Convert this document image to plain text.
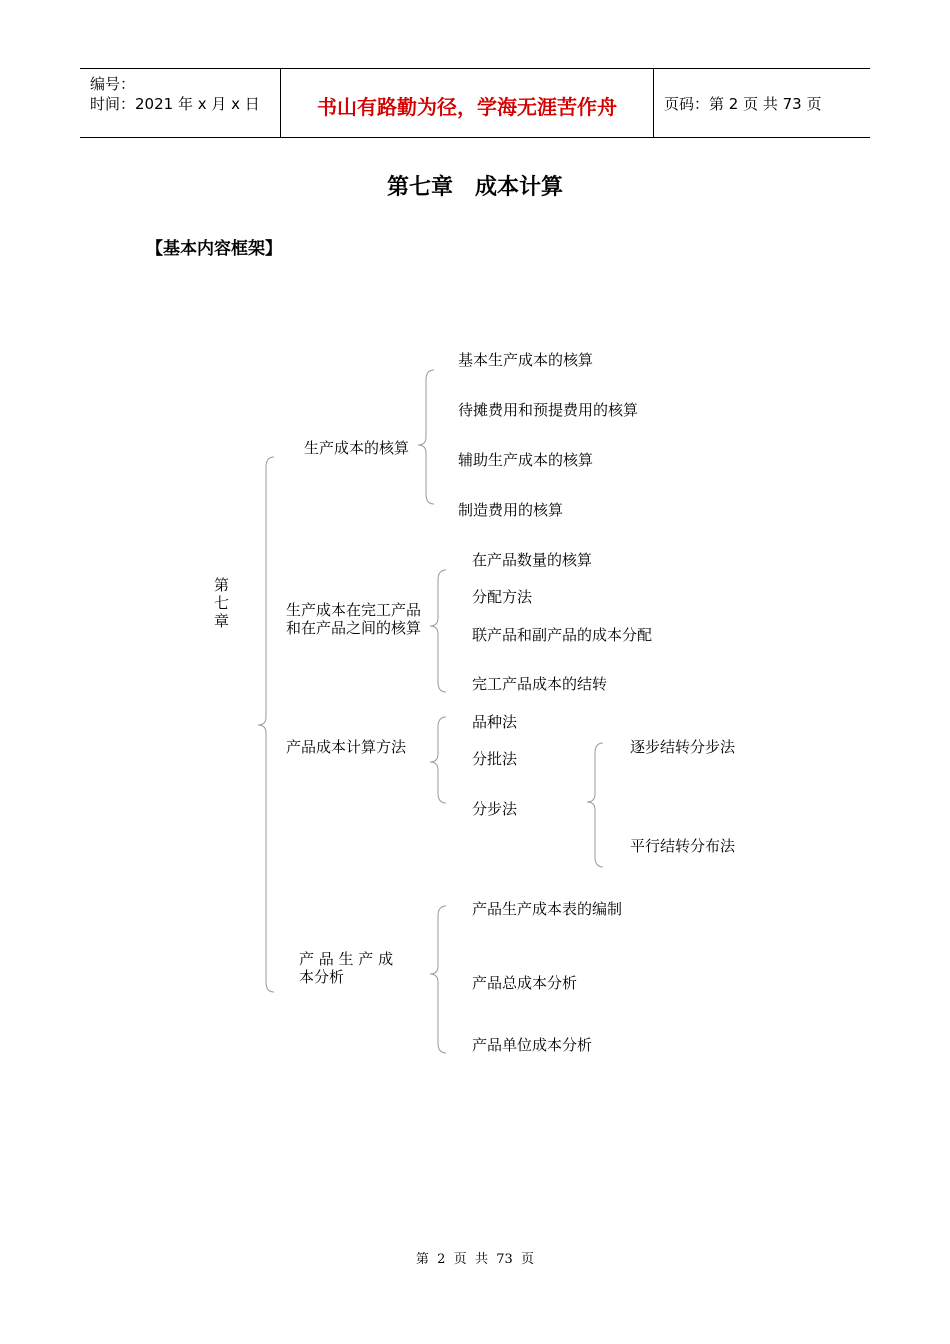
编号：
时间：2021 年 x 月 x 日	书山有路勤为径，学海无涯苦作舟	页码：第 2 页 共 73 页
第七章　成本计算
【基本内容框架】
第 七 章
生产成本的核算
基本生产成本的核算
待摊费用和预提费用的核算
辅助生产成本的核算
制造费用的核算
生产成本在完工产品和在产品之间的核算
在产品数量的核算
分配方法
联产品和副产品的成本分配
完工产品成本的结转
产品成本计算方法
品种法
分批法
分步法
逐步结转分步法
平行结转分布法
产 品 生 产 成 本分析
产品生产成本表的编制
产品总成本分析
产品单位成本分析
第  2  页  共  73  页
